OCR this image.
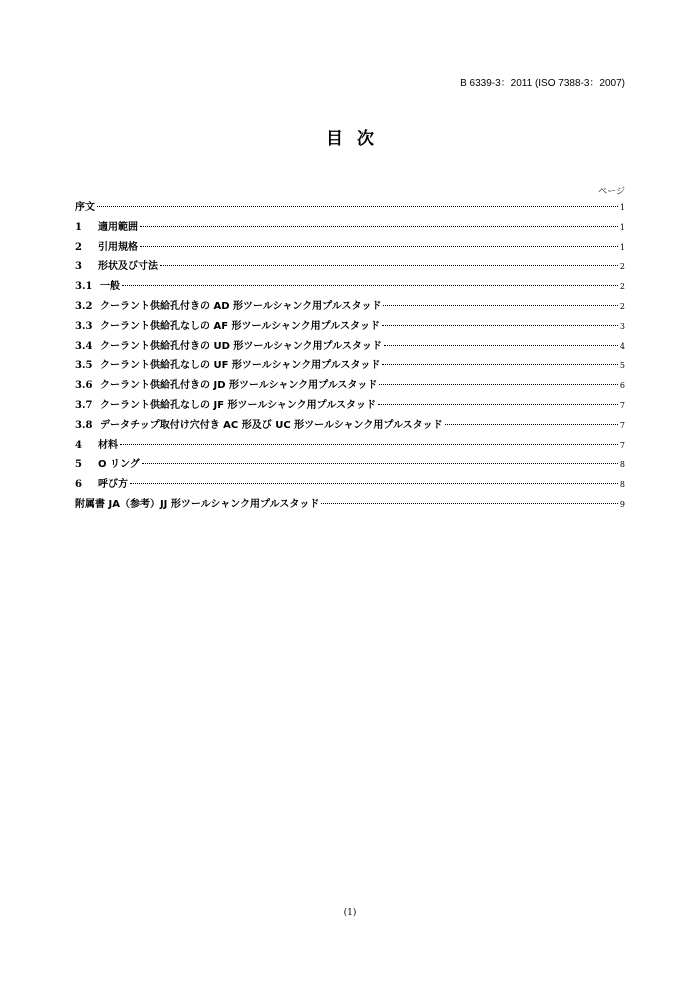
B 6339-3：2011 (ISO 7388-3：2007)
目次
ページ
序文	1
1	適用範囲	1
2	引用規格	1
3	形状及び寸法	2
3.1 一般	2
3.2 クーラント供給孔付きの AD 形ツールシャンク用プルスタッド	2
3.3 クーラント供給孔なしの AF 形ツールシャンク用プルスタッド	3
3.4 クーラント供給孔付きの UD 形ツールシャンク用プルスタッド	4
3.5 クーラント供給孔なしの UF 形ツールシャンク用プルスタッド	5
3.6 クーラント供給孔付きの JD 形ツールシャンク用プルスタッド	6
3.7 クーラント供給孔なしの JF 形ツールシャンク用プルスタッド	7
3.8 データチップ取付け穴付き AC 形及び UC 形ツールシャンク用プルスタッド	7
4	材料	7
5	O リング	8
6	呼び方	8
附属書 JA（参考）JJ 形ツールシャンク用プルスタッド	9
(1)
